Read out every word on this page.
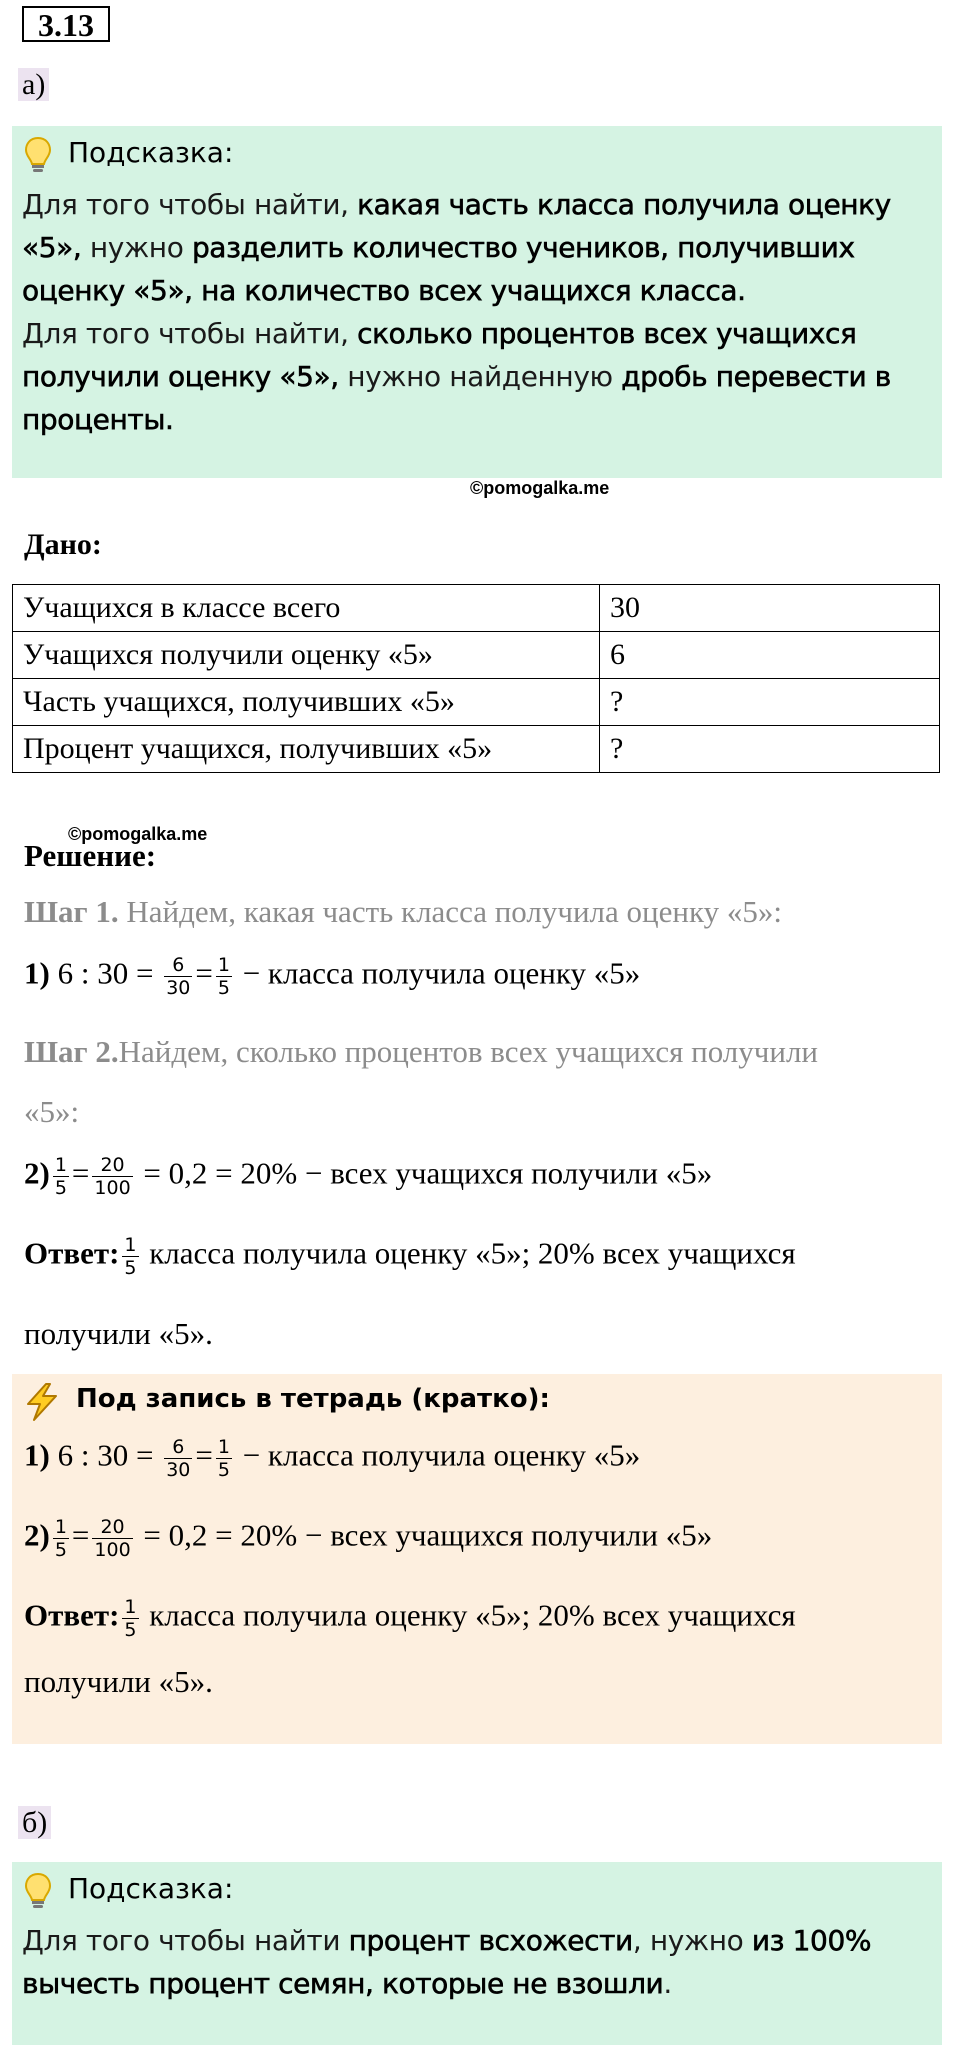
3.13
а)
Подсказка:
Для того чтобы найти, какая часть класса получила оценку
«5», нужно разделить количество учеников, получивших
оценку «5», на количество всех учащихся класса.
Для того чтобы найти, сколько процентов всех учащихся
получили оценку «5», нужно найденную дробь перевести в
проценты.
©pomogalka.me
Дано:
Учащихся в классе всего	30
Учащихся получили оценку «5»	6
Часть учащихся, получивших «5»	?
Процент учащихся, получивших «5»	?
©pomogalka.me
Решение:
Шаг 1. Найдем, какая часть класса получила оценку «5»:
1) 6 : $30 = \frac{6}{30} = \frac{1}{5}$ − класса получила оценку «5»
Шаг 2.Найдем, сколько процентов всех учащихся получили
«5»:
$2) \frac{1}{5} = \frac{20}{100} = 0,2 = 20\%$ − всех учащихся получили «5»
Ответ: $\frac{1}{5}$ класса получила оценку «5»; 20% всех учащихся
получили «5».
Под запись в тетрадь (кратко):
1) 6 : $30 = \frac{6}{30} = \frac{1}{5}$ − класса получила оценку «5»
$2) \frac{1}{5} = \frac{20}{100} = 0,2 = 20\%$ − всех учащихся получили «5»
Ответ: $\frac{1}{5}$ класса получила оценку «5»; 20% всех учащихся
получили «5».
б)
Подсказка:
Для того чтобы найти процент всхожести, нужно из 100%
вычесть процент семян, которые не взошли.
